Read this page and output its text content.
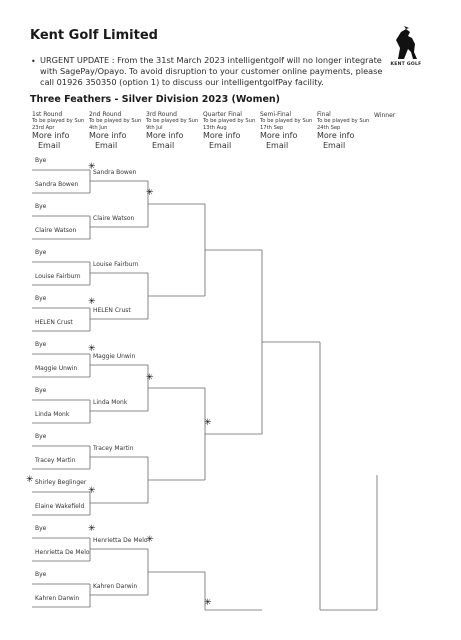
Kent Golf Limited
KENT GOLF
• URGENT UPDATE : From the 31st March 2023 intelligentgolf will no longer integrate with SagePay/Opayo. To avoid disruption to your customer online payments, please call 01926 350350 (option 1) to discuss our intelligentgolfPay facility.
Three Feathers - Silver Division 2023 (Women)
1st Round
To be played by Sun
23rd Apr
More info
Email
2nd Round
To be played by Sun
4th Jun
More info
Email
3rd Round
To be played by Sun
9th Jul
More info
Email
Quarter Final
To be played by Sun
13th Aug
More info
Email
Semi-Final
To be played by Sun
17th Sep
More info
Email
Final
To be played by Sun
24th Sep
More info
Email
Winner
Bye
Sandra Bowen
Bye
Claire Watson
Bye
Louise Fairburn
Bye
HELEN Crust
Bye
Maggie Unwin
Bye
Linda Monk
Bye
Tracey Martin
Shirley Beglinger
Elaine Wakefield
Bye
Henrietta De Melo
Bye
Kahren Darwin
Sandra Bowen
Claire Watson
Louise Fairburn
HELEN Crust
Maggie Unwin
Linda Monk
Tracey Martin
Henrietta De Melo
Kahren Darwin
✳
✳
✳
✳
✳
✳
✳
✳
✳
✳
✳
